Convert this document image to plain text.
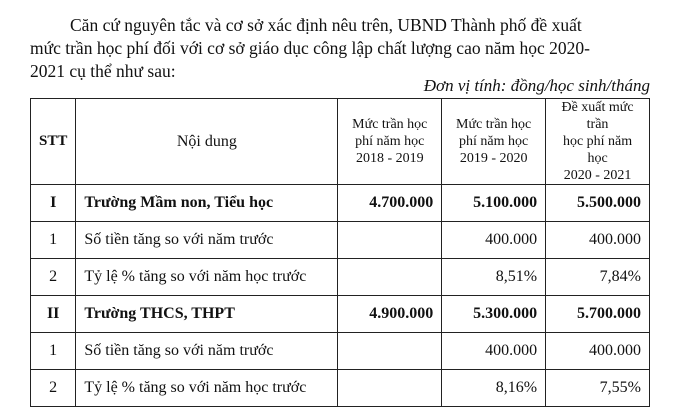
Căn cứ nguyên tắc và cơ sở xác định nêu trên, UBND Thành phố đề xuất
mức trần học phí đối với cơ sở giáo dục công lập chất lượng cao năm học 2020-
2021 cụ thể như sau:
Đơn vị tính: đồng/học sinh/tháng
STT	Nội dung	Mức trần học
phí năm học
2018 - 2019	Mức trần học
phí năm học
2019 - 2020	Đề xuất mức trần
học phí năm học
2020 - 2021
I	Trường Mầm non, Tiểu học	4.700.000	5.100.000	5.500.000
1	Số tiền tăng so với năm trước		400.000	400.000
2	Tỷ lệ % tăng so với năm học trước		8,51%	7,84%
II	Trường THCS, THPT	4.900.000	5.300.000	5.700.000
1	Số tiền tăng so với năm trước		400.000	400.000
2	Tỷ lệ % tăng so với năm học trước		8,16%	7,55%
